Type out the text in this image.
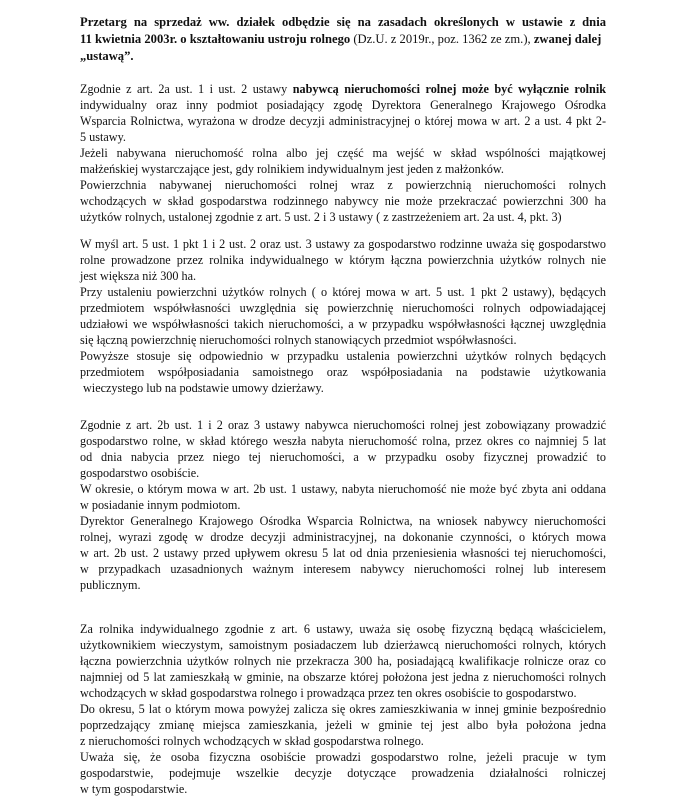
Przetarg na sprzedaż ww. działek odbędzie się na zasadach określonych w ustawie z dnia
11 kwietnia 2003r. o kształtowaniu ustroju rolnego (Dz.U. z 2019r., poz. 1362 ze zm.), zwanej dalej
„ustawą”.
Zgodnie z art. 2a ust. 1 i ust. 2 ustawy nabywcą nieruchomości rolnej może być wyłącznie rolnik
indywidualny oraz inny podmiot posiadający zgodę Dyrektora Generalnego Krajowego Ośrodka
Wsparcia Rolnictwa, wyrażona w drodze decyzji administracyjnej o której mowa w art. 2 a ust. 4 pkt 2-
5 ustawy.
Jeżeli nabywana nieruchomość rolna albo jej część ma wejść w skład wspólności majątkowej
małżeńskiej wystarczające jest, gdy rolnikiem indywidualnym jest jeden z małżonków.
Powierzchnia nabywanej nieruchomości rolnej wraz z powierzchnią nieruchomości rolnych
wchodzących w skład gospodarstwa rodzinnego nabywcy nie może przekraczać powierzchni 300 ha
użytków rolnych, ustalonej zgodnie z art. 5 ust. 2 i 3 ustawy ( z zastrzeżeniem art. 2a ust. 4, pkt. 3)
W myśl art. 5 ust. 1 pkt 1 i 2 ust. 2 oraz ust. 3 ustawy za gospodarstwo rodzinne uważa się gospodarstwo
rolne prowadzone przez rolnika indywidualnego w którym łączna powierzchnia użytków rolnych nie
jest większa niż 300 ha.
Przy ustaleniu powierzchni użytków rolnych ( o której mowa w art. 5 ust. 1 pkt 2 ustawy), będących
przedmiotem współwłasności uwzględnia się powierzchnię nieruchomości rolnych odpowiadającej
udziałowi we współwłasności takich nieruchomości, a w przypadku współwłasności łącznej uwzględnia
się łączną powierzchnię nieruchomości rolnych stanowiących przedmiot współwłasności.
Powyższe stosuje się odpowiednio w przypadku ustalenia powierzchni użytków rolnych będących
przedmiotem współposiadania samoistnego oraz współposiadania na podstawie użytkowania
wieczystego lub na podstawie umowy dzierżawy.
Zgodnie z art. 2b ust. 1 i 2 oraz 3 ustawy nabywca nieruchomości rolnej jest zobowiązany prowadzić
gospodarstwo rolne, w skład którego weszła nabyta nieruchomość rolna, przez okres co najmniej 5 lat
od dnia nabycia przez niego tej nieruchomości, a w przypadku osoby fizycznej prowadzić to
gospodarstwo osobiście.
W okresie, o którym mowa w art. 2b ust. 1 ustawy, nabyta nieruchomość nie może być zbyta ani oddana
w posiadanie innym podmiotom.
Dyrektor Generalnego Krajowego Ośrodka Wsparcia Rolnictwa, na wniosek nabywcy nieruchomości
rolnej, wyrazi zgodę w drodze decyzji administracyjnej, na dokonanie czynności, o których mowa
w art. 2b ust. 2 ustawy przed upływem okresu 5 lat od dnia przeniesienia własności tej nieruchomości,
w przypadkach uzasadnionych ważnym interesem nabywcy nieruchomości rolnej lub interesem
publicznym.
Za rolnika indywidualnego zgodnie z art. 6 ustawy, uważa się osobę fizyczną będącą właścicielem,
użytkownikiem wieczystym, samoistnym posiadaczem lub dzierżawcą nieruchomości rolnych, których
łączna powierzchnia użytków rolnych nie przekracza 300 ha, posiadającą kwalifikacje rolnicze oraz co
najmniej od 5 lat zamieszkałą w gminie, na obszarze której położona jest jedna z nieruchomości rolnych
wchodzących w skład gospodarstwa rolnego i prowadząca przez ten okres osobiście to gospodarstwo.
Do okresu, 5 lat o którym mowa powyżej zalicza się okres zamieszkiwania w innej gminie bezpośrednio
poprzedzający zmianę miejsca zamieszkania, jeżeli w gminie tej jest albo była położona jedna
z nieruchomości rolnych wchodzących w skład gospodarstwa rolnego.
Uważa się, że osoba fizyczna osobiście prowadzi gospodarstwo rolne, jeżeli pracuje w tym
gospodarstwie, podejmuje wszelkie decyzje dotyczące prowadzenia działalności rolniczej
w tym gospodarstwie.
